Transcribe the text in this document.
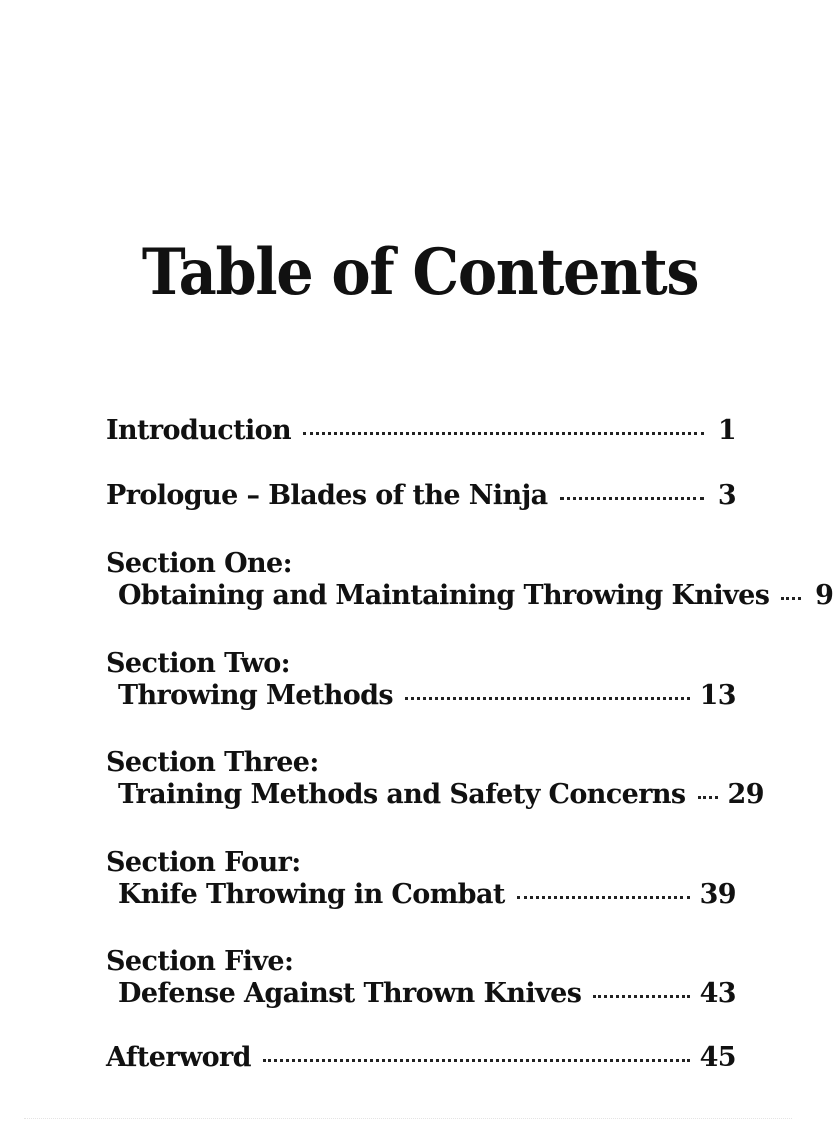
Table of Contents
Introduction	1
Prologue – Blades of the Ninja	3
Section One:
Obtaining and Maintaining Throwing Knives 9
Section Two:
Throwing Methods	13
Section Three:
Training Methods and Safety Concerns 29
Section Four:
Knife Throwing in Combat	39
Section Five:
Defense Against Thrown Knives	43
Afterword	45
